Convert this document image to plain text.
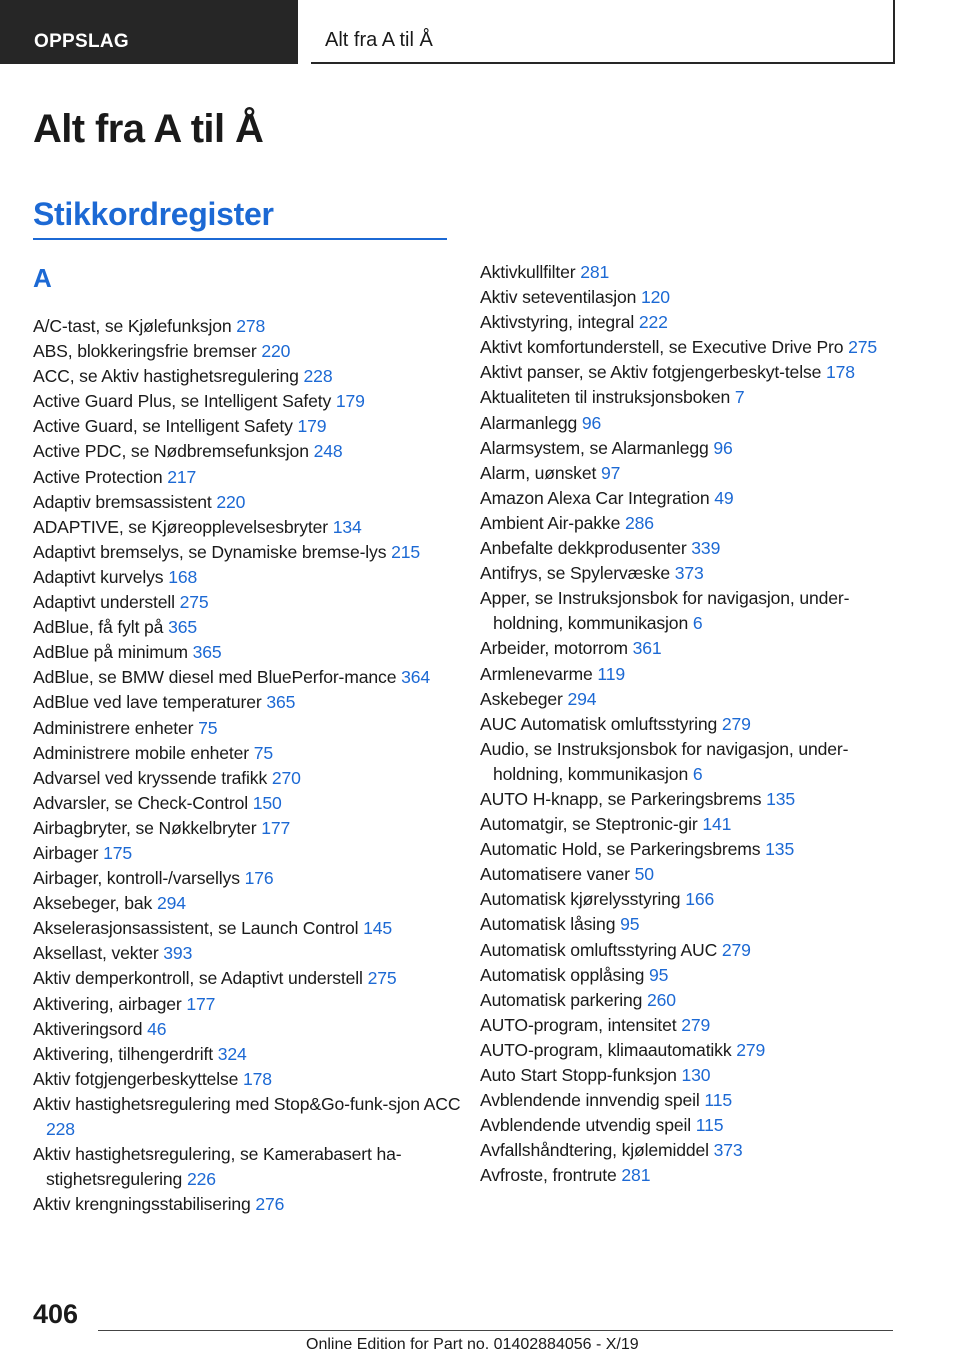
OPPSLAG	Alt fra A til Å
Alt fra A til Å
Stikkordregister
A
A/C-tast, se Kjølefunksjon 278
ABS, blokkeringsfrie bremser 220
ACC, se Aktiv hastighetsregulering 228
Active Guard Plus, se Intelligent Safety 179
Active Guard, se Intelligent Safety 179
Active PDC, se Nødbremsefunksjon 248
Active Protection 217
Adaptiv bremsassistent 220
ADAPTIVE, se Kjøreopplevelsesbryter 134
Adaptivt bremselys, se Dynamiske bremse-lys 215
Adaptivt kurvelys 168
Adaptivt understell 275
AdBlue, få fylt på 365
AdBlue på minimum 365
AdBlue, se BMW diesel med BluePerfor-mance 364
AdBlue ved lave temperaturer 365
Administrere enheter 75
Administrere mobile enheter 75
Advarsel ved kryssende trafikk 270
Advarsler, se Check-Control 150
Airbagbryter, se Nøkkelbryter 177
Airbager 175
Airbager, kontroll-/varsellys 176
Aksebeger, bak 294
Akselerasjonsassistent, se Launch Control 145
Aksellast, vekter 393
Aktiv demperkontroll, se Adaptivt understell 275
Aktivering, airbager 177
Aktiveringsord 46
Aktivering, tilhengerdrift 324
Aktiv fotgjengerbeskyttelse 178
Aktiv hastighetsregulering med Stop&Go-funk-sjon ACC 228
Aktiv hastighetsregulering, se Kamerabasert ha-stighetsregulering 226
Aktiv krengningsstabilisering 276
Aktivkullfilter 281
Aktiv seteventilasjon 120
Aktivstyring, integral 222
Aktivt komfortunderstell, se Executive Drive Pro 275
Aktivt panser, se Aktiv fotgjengerbeskyt-telse 178
Aktualiteten til instruksjonsboken 7
Alarmanlegg 96
Alarmsystem, se Alarmanlegg 96
Alarm, uønsket 97
Amazon Alexa Car Integration 49
Ambient Air-pakke 286
Anbefalte dekkprodusenter 339
Antifrys, se Spylervæske 373
Apper, se Instruksjonsbok for navigasjon, under-holdning, kommunikasjon 6
Arbeider, motorrom 361
Armlenevarme 119
Askebeger 294
AUC Automatisk omluftsstyring 279
Audio, se Instruksjonsbok for navigasjon, under-holdning, kommunikasjon 6
AUTO H-knapp, se Parkeringsbrems 135
Automatgir, se Steptronic-gir 141
Automatic Hold, se Parkeringsbrems 135
Automatisere vaner 50
Automatisk kjørelysstyring 166
Automatisk låsing 95
Automatisk omluftsstyring AUC 279
Automatisk opplåsing 95
Automatisk parkering 260
AUTO-program, intensitet 279
AUTO-program, klimaautomatikk 279
Auto Start Stopp-funksjon 130
Avblendende innvendig speil 115
Avblendende utvendig speil 115
Avfallshåndtering, kjølemiddel 373
Avfroste, frontrute 281
406
Online Edition for Part no. 01402884056 - X/19
